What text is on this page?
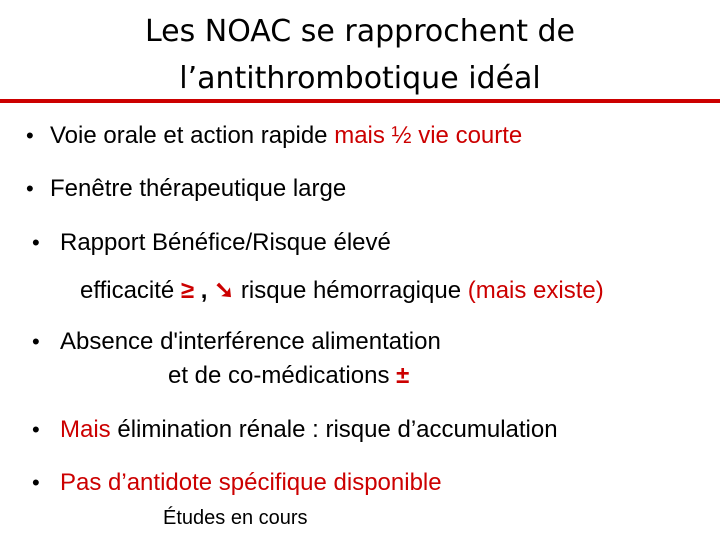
Les NOAC se rapprochent de
l’antithrombotique idéal
• Voie orale et action rapide mais ½ vie courte
• Fenêtre thérapeutique large
• Rapport Bénéfice/Risque élevé
efficacité ≥ , ➘ risque hémorragique (mais existe)
• Absence d'interférence alimentation
et de co-médications ±
• Mais élimination rénale : risque d’accumulation
• Pas d’antidote spécifique disponible
Études en cours
